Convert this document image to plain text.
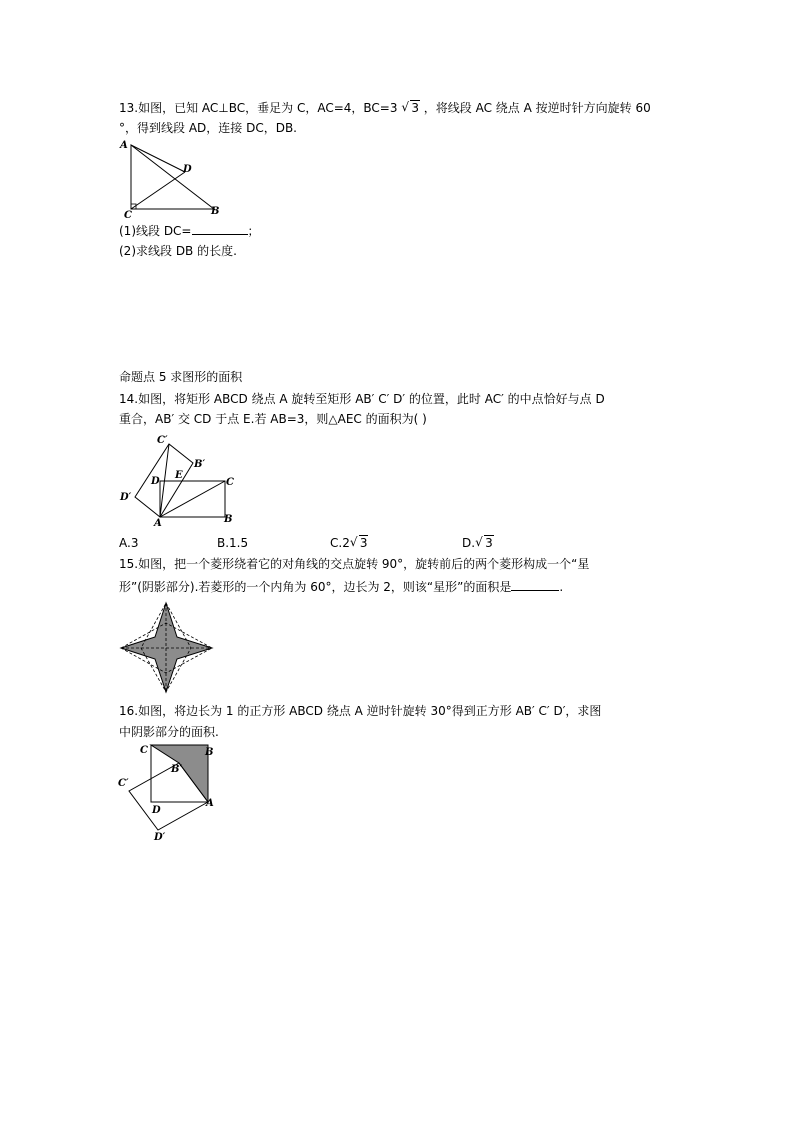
13.如图，已知 AC⊥BC，垂足为 C，AC=4，BC=3 √ 3 ，将线段 AC 绕点 A 按逆时针方向旋转 60
°，得到线段 AD，连接 DC，DB.
A
D
C	B
(1)线段 DC=	；
(2)求线段 DB 的长度.
命题点 5 求图形的面积
14.如图，将矩形 ABCD 绕点 A 旋转至矩形 AB′ C′ D′ 的位置，此时 AC′ 的中点恰好与点 D
重合，AB′ 交 CD 于点 E.若 AB=3，则△AEC 的面积为( )
C′
B′
E
D	C
D′
A	B
A.3	B.1.5	C.2 √ 3	D. √ 3
15.如图，把一个菱形绕着它的对角线的交点旋转 90°，旋转前后的两个菱形构成一个“星
形”(阴影部分).若菱形的一个内角为 60°，边长为 2，则该“星形”的面积是	.
16.如图，将边长为 1 的正方形 ABCD 绕点 A 逆时针旋转 30°得到正方形 AB′ C′ D′，求图
中阴影部分的面积.
C	B
B′
C′
D
A
D′
